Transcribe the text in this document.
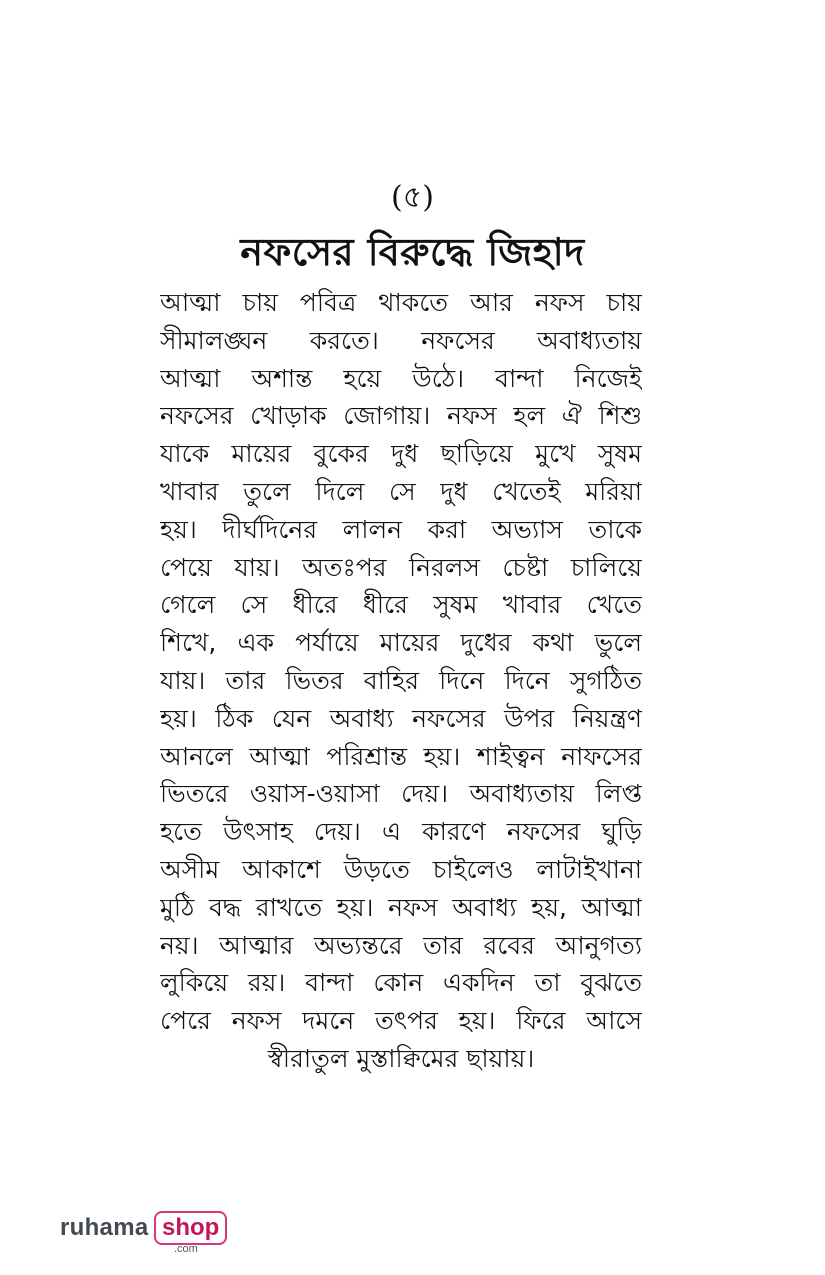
(৫)
নফসের বিরুদ্ধে জিহাদ
আত্মা চায় পবিত্র থাকতে আর নফস চায়
সীমালঙ্ঘন করতে। নফসের অবাধ্যতায়
আত্মা অশান্ত হয়ে উঠে। বান্দা নিজেই
নফসের খোড়াক জোগায়। নফস হল ঐ শিশু
যাকে মায়ের বুকের দুধ ছাড়িয়ে মুখে সুষম
খাবার তুলে দিলে সে দুধ খেতেই মরিয়া
হয়। দীর্ঘদিনের লালন করা অভ্যাস তাকে
পেয়ে যায়। অতঃপর নিরলস চেষ্টা চালিয়ে
গেলে সে ধীরে ধীরে সুষম খাবার খেতে
শিখে, এক পর্যায়ে মায়ের দুধের কথা ভুলে
যায়। তার ভিতর বাহির দিনে দিনে সুগঠিত
হয়। ঠিক যেন অবাধ্য নফসের উপর নিয়ন্ত্রণ
আনলে আত্মা পরিশ্রান্ত হয়। শাইত্বন নাফসের
ভিতরে ওয়াস-ওয়াসা দেয়। অবাধ্যতায় লিপ্ত
হতে উৎসাহ দেয়। এ কারণে নফসের ঘুড়ি
অসীম আকাশে উড়তে চাইলেও লাটাইখানা
মুঠি বদ্ধ রাখতে হয়। নফস অবাধ্য হয়, আত্মা
নয়। আত্মার অভ্যন্তরে তার রবের আনুগত্য
লুকিয়ে রয়। বান্দা কোন একদিন তা বুঝতে
পেরে নফস দমনে তৎপর হয়। ফিরে আসে
স্বীরাতুল মুস্তাক্বিমের ছায়ায়।
ruhama shop
.com
